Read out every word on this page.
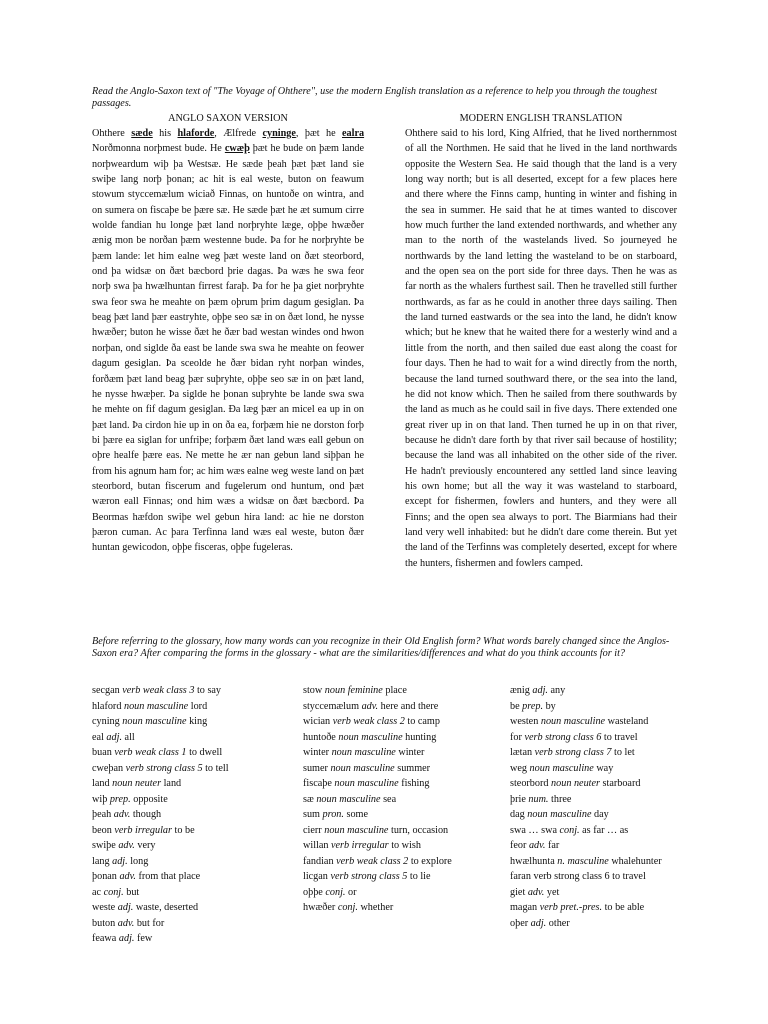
Read the Anglo-Saxon text of "The Voyage of Ohthere", use the modern English translation as a reference to help you through the toughest passages.
ANGLO SAXON VERSION	MODERN ENGLISH TRANSLATION
Ohthere sæde his hlaforde, Ælfrede cyninge, þæt he ealra Norðmonna norþmest bude. He cwæþ þæt he bude on þæm lande norþweardum wiþ þa Westsæ. He sæde þeah þæt þæt land sie swiþe lang norþ þonan; ac hit is eal weste, buton on feawum stowum styccemælum wiciað Finnas, on huntoðe on wintra, and on sumera on fiscaþe be þære sæ. He sæde þæt he æt sumum cirre wolde fandian hu longe þæt land norþryhte læge, oþþe hwæðer ænig mon be norðan þæm westenne bude. Þa for he norþryhte be þæm lande: let him ealne weg þæt weste land on ðæt steorbord, ond þa widsæ on ðæt bæcbord þrie dagas. Þa wæs he swa feor norþ swa þa hwælhuntan firrest faraþ. Þa for he þa giet norþryhte swa feor swa he meahte on þæm oþrum þrim dagum gesiglan. Þa beag þæt land þær eastryhte, oþþe seo sæ in on ðæt lond, he nysse hwæðer; buton he wisse ðæt he ðær bad westan windes ond hwon norþan, ond siglde ða east be lande swa swa he meahte on feower dagum gesiglan. Þa sceolde he ðær bidan ryht norþan windes, forðæm þæt land beag þær suþryhte, oþþe seo sæ in on þæt land, he nysse hwæþer. Þa siglde he þonan suþryhte be lande swa swa he mehte on fif dagum gesiglan. Ða læg þær an micel ea up in on þæt land. Þa cirdon hie up in on ða ea, forþæm hie ne dorston forþ bi þære ea siglan for unfriþe; forþæm ðæt land wæs eall gebun on oþre healfe þære eas. Ne mette he ær nan gebun land siþþan he from his agnum ham for; ac him wæs ealne weg weste land on þæt steorbord, butan fiscerum and fugelerum ond huntum, ond þæt wæron eall Finnas; ond him wæs a widsæ on ðæt bæcbord. Þa Beormas hæfdon swiþe wel gebun hira land: ac hie ne dorston þæron cuman. Ac þara Terfinna land wæs eal weste, buton ðær huntan gewicodon, oþþe fisceras, oþþe fugeleras.
Ohthere said to his lord, King Alfried, that he lived northernmost of all the Northmen. He said that he lived in the land northwards opposite the Western Sea. He said though that the land is a very long way north; but is all deserted, except for a few places here and there where the Finns camp, hunting in winter and fishing in the sea in summer. He said that he at times wanted to discover how much further the land extended northwards, and whether any man to the north of the wastelands lived. So journeyed he northwards by the land letting the wasteland to be on starboard, and the open sea on the port side for three days. Then he was as far north as the whalers furthest sail. Then he travelled still further northwards, as far as he could in another three days sailing. Then the land turned eastwards or the sea into the land, he didn't know which; but he knew that he waited there for a westerly wind and a little from the north, and then sailed due east along the coast for four days. Then he had to wait for a wind directly from the north, because the land turned southward there, or the sea into the land, he did not know which. Then he sailed from there southwards by the land as much as he could sail in five days. There extended one great river up in on that land. Then turned he up in on that river, because he didn't dare forth by that river sail because of hostility; because the land was all inhabited on the other side of the river. He hadn't previously encountered any settled land since leaving his own home; but all the way it was wasteland to starboard, except for fishermen, fowlers and hunters, and they were all Finns; and the open sea always to port. The Biarmians had their land very well inhabited: but he didn't dare come therein. But yet the land of the Terfinns was completely deserted, except for where the hunters, fishermen and fowlers camped.
Before referring to the glossary, how many words can you recognize in their Old English form? What words barely changed since the Anglos-Saxon era? After comparing the forms in the glossary - what are the similarities/differences and what do you think accounts for it?
secgan verb weak class 3 to say
hlaford noun masculine lord
cyning noun masculine king
eal adj. all
buan verb weak class 1 to dwell
cweþan verb strong class 5 to tell
land noun neuter land
wiþ prep. opposite
þeah adv. though
beon verb irregular to be
swiþe adv. very
lang adj. long
þonan adv. from that place
ac conj. but
weste adj. waste, deserted
buton adv. but for
feawa adj. few
stow noun feminine place
styccemælum adv. here and there
wician verb weak class 2 to camp
huntoðe noun masculine hunting
winter noun masculine winter
sumer noun masculine summer
fiscaþe noun masculine fishing
sæ noun masculine sea
sum pron. some
cierr noun masculine turn, occasion
willan verb irregular to wish
fandian verb weak class 2 to explore
licgan verb strong class 5 to lie
oþþe conj. or
hwæðer conj. whether
ænig adj. any
be prep. by
westen noun masculine wasteland
for verb strong class 6 to travel
lætan verb strong class 7 to let
weg noun masculine way
steorbord noun neuter starboard
þrie num. three
dag noun masculine day
swa … swa conj. as far … as
feor adv. far
hwælhunta n. masculine whalehunter
faran verb strong class 6 to travel
giet adv. yet
magan verb pret.-pres. to be able
oþer adj. other
